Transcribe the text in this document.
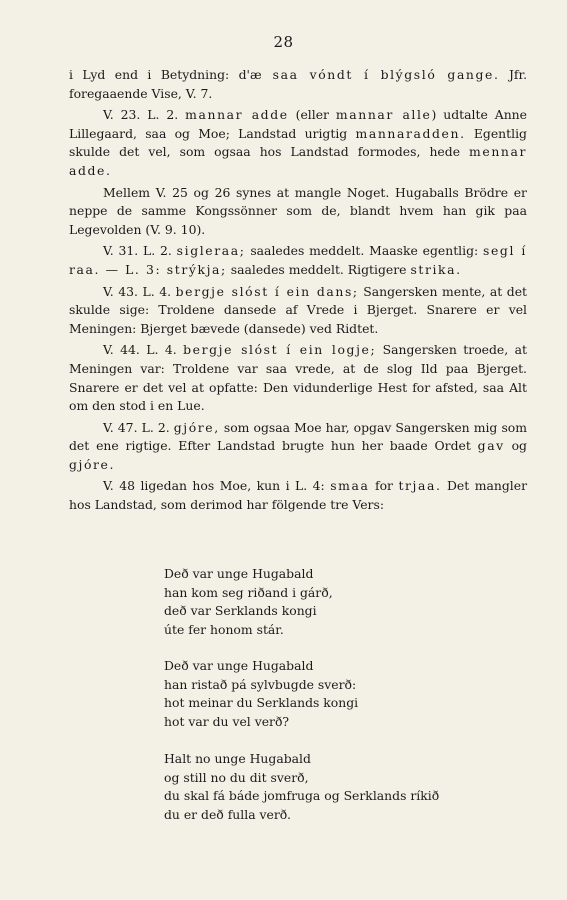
28

i Lyd end i Betydning: d'æ saa vóndt í blýgsló gange. Jfr. foregaaende Vise, V. 7.

V. 23. L. 2. mannar adde (eller mannar alle) udtalte Anne Lillegaard, saa og Moe; Landstad urigtig mannaradden. Egentlig skulde det vel, som ogsaa hos Landstad formodes, hede mennar adde.

Mellem V. 25 og 26 synes at mangle Noget. Hugaballs Brödre er neppe de samme Kongssönner som de, blandt hvem han gik paa Legevolden (V. 9. 10).

V. 31. L. 2. sigleraa; saaledes meddelt. Maaske egentlig: segl í raa. — L. 3: strýkja; saaledes meddelt. Rigtigere strika.

V. 43. L. 4. bergje slóst í ein dans; Sangersken mente, at det skulde sige: Troldene dansede af Vrede i Bjerget. Snarere er vel Meningen: Bjerget bævede (dansede) ved Ridtet.

V. 44. L. 4. bergje slóst í ein logje; Sangersken troede, at Meningen var: Troldene var saa vrede, at de slog Ild paa Bjerget. Snarere er det vel at opfatte: Den vidunderlige Hest for afsted, saa Alt om den stod i en Lue.

V. 47. L. 2. gjóre, som ogsaa Moe har, opgav Sangersken mig som det ene rigtige. Efter Landstad brugte hun her baade Ordet gav og gjóre.

V. 48 ligedan hos Moe, kun i L. 4: smaa for trjaa. Det mangler hos Landstad, som derimod har fölgende tre Vers:

Deð var unge Hugabald
han kom seg riðand i gárð,
deð var Serklands kongi
úte fer honom stár.
Deð var unge Hugabald
han ristað pá sylvbugde sverð:
hot meinar du Serklands kongi
hot var du vel verð?
Halt no unge Hugabald
og still no du dit sverð,
du skal fá báde jomfruga og Serklands ríkið
du er deð fulla verð.
